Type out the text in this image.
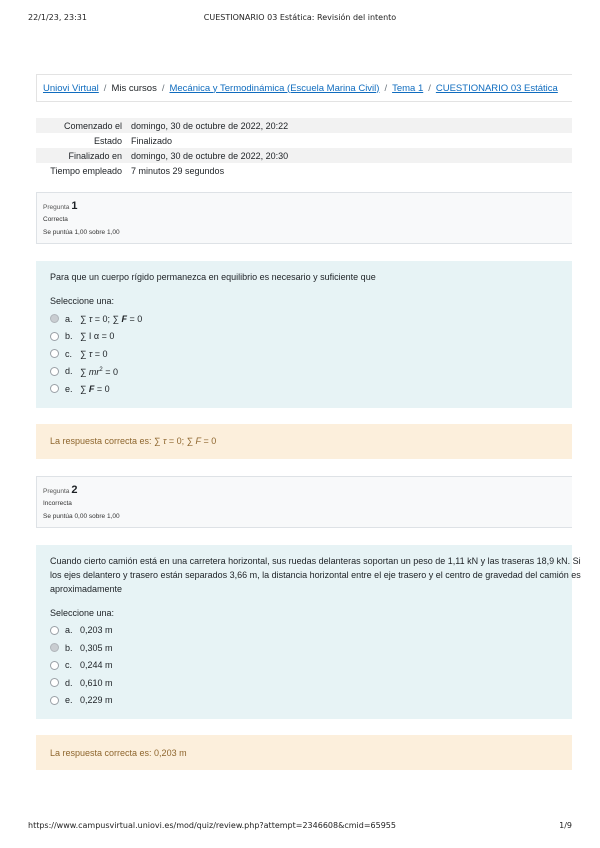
22/1/23, 23:31	CUESTIONARIO 03 Estática: Revisión del intento
Uniovi Virtual / Mis cursos / Mecánica y Termodinámica (Escuela Marina Civil) / Tema 1 / CUESTIONARIO 03 Estática
Comenzado el	domingo, 30 de octubre de 2022, 20:22
Estado	Finalizado
Finalizado en	domingo, 30 de octubre de 2022, 20:30
Tiempo empleado	7 minutos 29 segundos
Pregunta 1
Correcta
Se puntúa 1,00 sobre 1,00
Para que un cuerpo rígido permanezca en equilibrio es necesario y suficiente que
Seleccione una:
a. ∑ τ = 0; ∑ F = 0
b. ∑ I α = 0
c. ∑ τ = 0
d. ∑ $mr^2 = 0$
e. ∑ F = 0
La respuesta correcta es: ∑ τ = 0; ∑ F = 0
Pregunta 2
Incorrecta
Se puntúa 0,00 sobre 1,00
Cuando cierto camión está en una carretera horizontal, sus ruedas delanteras soportan un peso de 1,11 kN y las traseras 18,9 kN. Si los ejes delantero y trasero están separados 3,66 m, la distancia horizontal entre el eje trasero y el centro de gravedad del camión es aproximadamente
Seleccione una:
a. 0,203 m
b. 0,305 m
c. 0,244 m
d. 0,610 m
e. 0,229 m
La respuesta correcta es: 0,203 m
https://www.campusvirtual.uniovi.es/mod/quiz/review.php?attempt=2346608&cmid=65955	1/9
